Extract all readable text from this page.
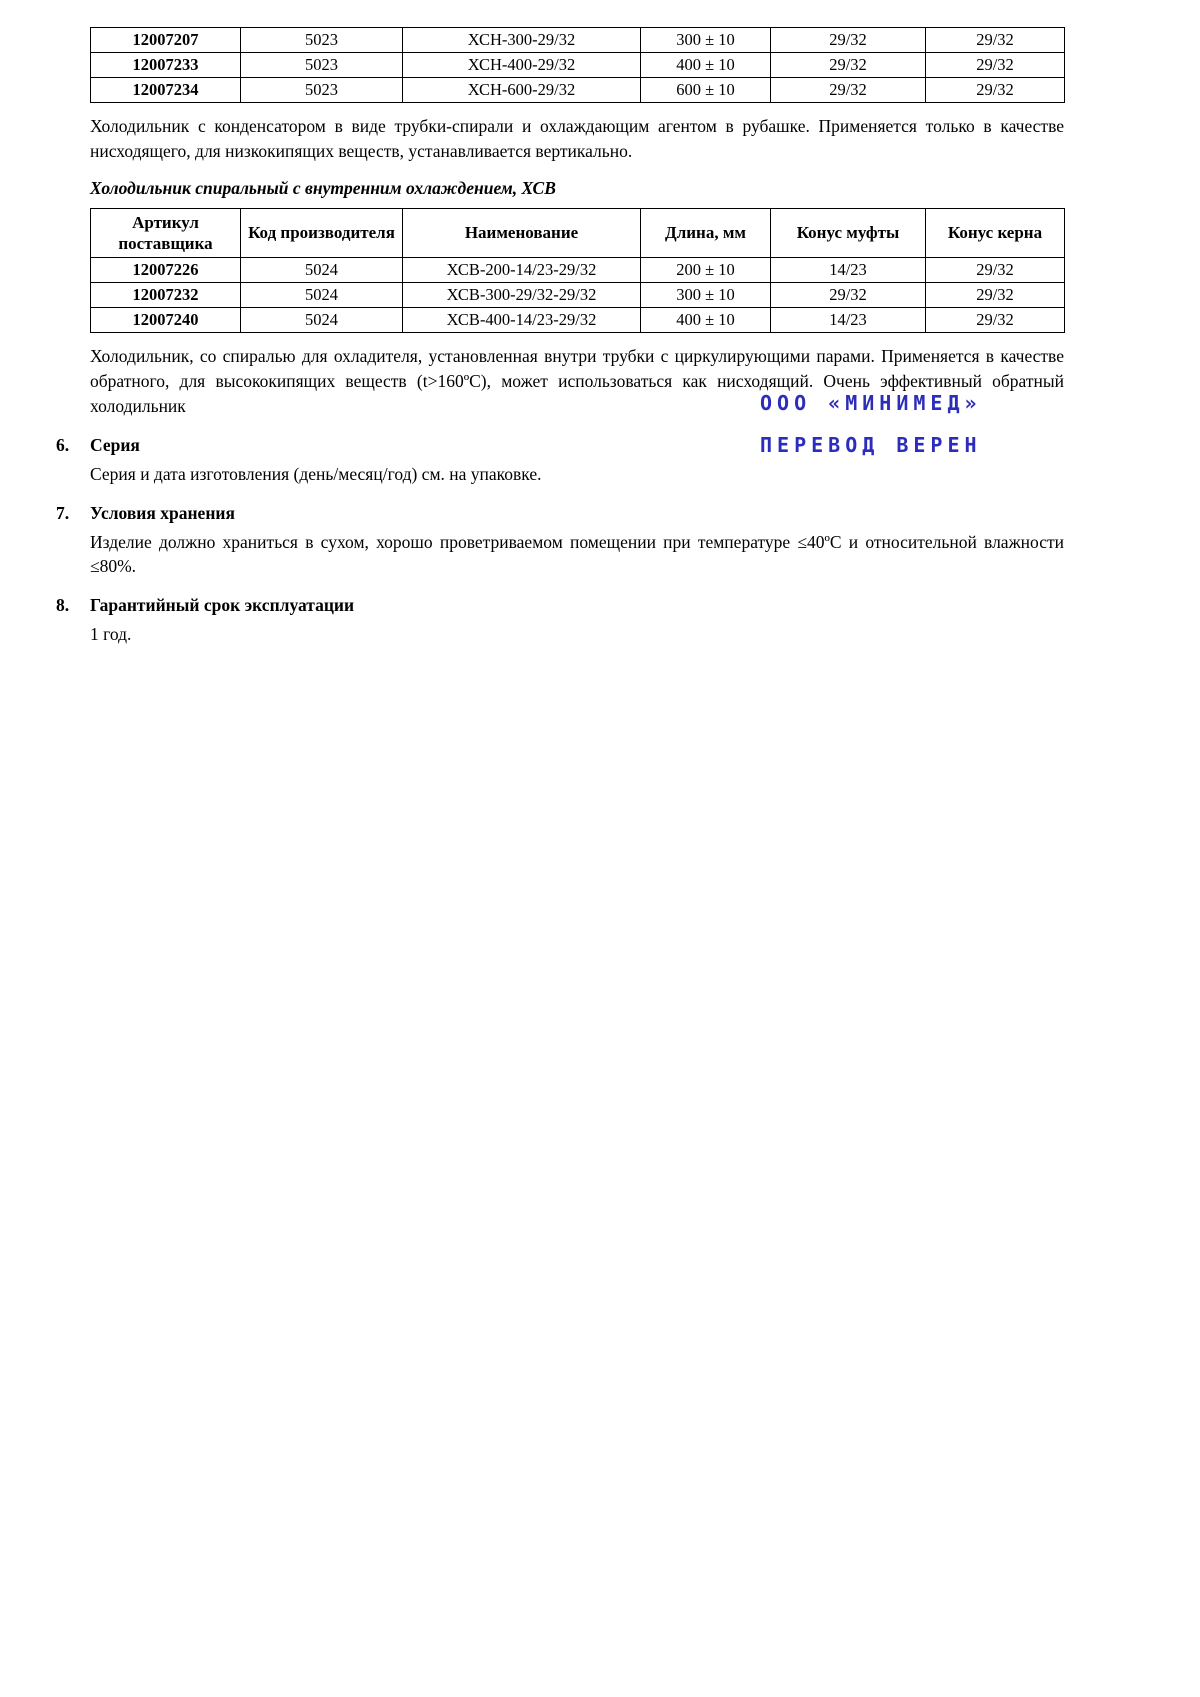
12007207	5023	ХСН-300-29/32	300 ± 10	29/32	29/32
12007233	5023	ХСН-400-29/32	400 ± 10	29/32	29/32
12007234	5023	ХСН-600-29/32	600 ± 10	29/32	29/32

Холодильник с конденсатором в виде трубки-спирали и охлаждающим агентом в рубашке. Применяется только в качестве нисходящего, для низкокипящих веществ, устанавливается вертикально.

Холодильник спиральный с внутренним охлаждением, ХСВ
Артикул поставщика	Код производителя	Наименование	Длина, мм	Конус муфты	Конус керна
12007226	5024	ХСВ-200-14/23-29/32	200 ± 10	14/23	29/32
12007232	5024	ХСВ-300-29/32-29/32	300 ± 10	29/32	29/32
12007240	5024	ХСВ-400-14/23-29/32	400 ± 10	14/23	29/32

Холодильник, со спиралью для охладителя, установленная внутри трубки с циркулирующими парами. Применяется в качестве обратного, для высококипящих веществ (t>160ºС), может использоваться как нисходящий. Очень эффективный обратный холодильник

6. Серия

Серия и дата изготовления (день/месяц/год) см. на упаковке.

7. Условия хранения

Изделие должно храниться в сухом, хорошо проветриваемом помещении при температуре ≤40ºС и относительной влажности ≤80%.

8. Гарантийный срок эксплуатации

1 год.

ООО «МИНИМЕД»
ПЕРЕВОД ВЕРЕН
